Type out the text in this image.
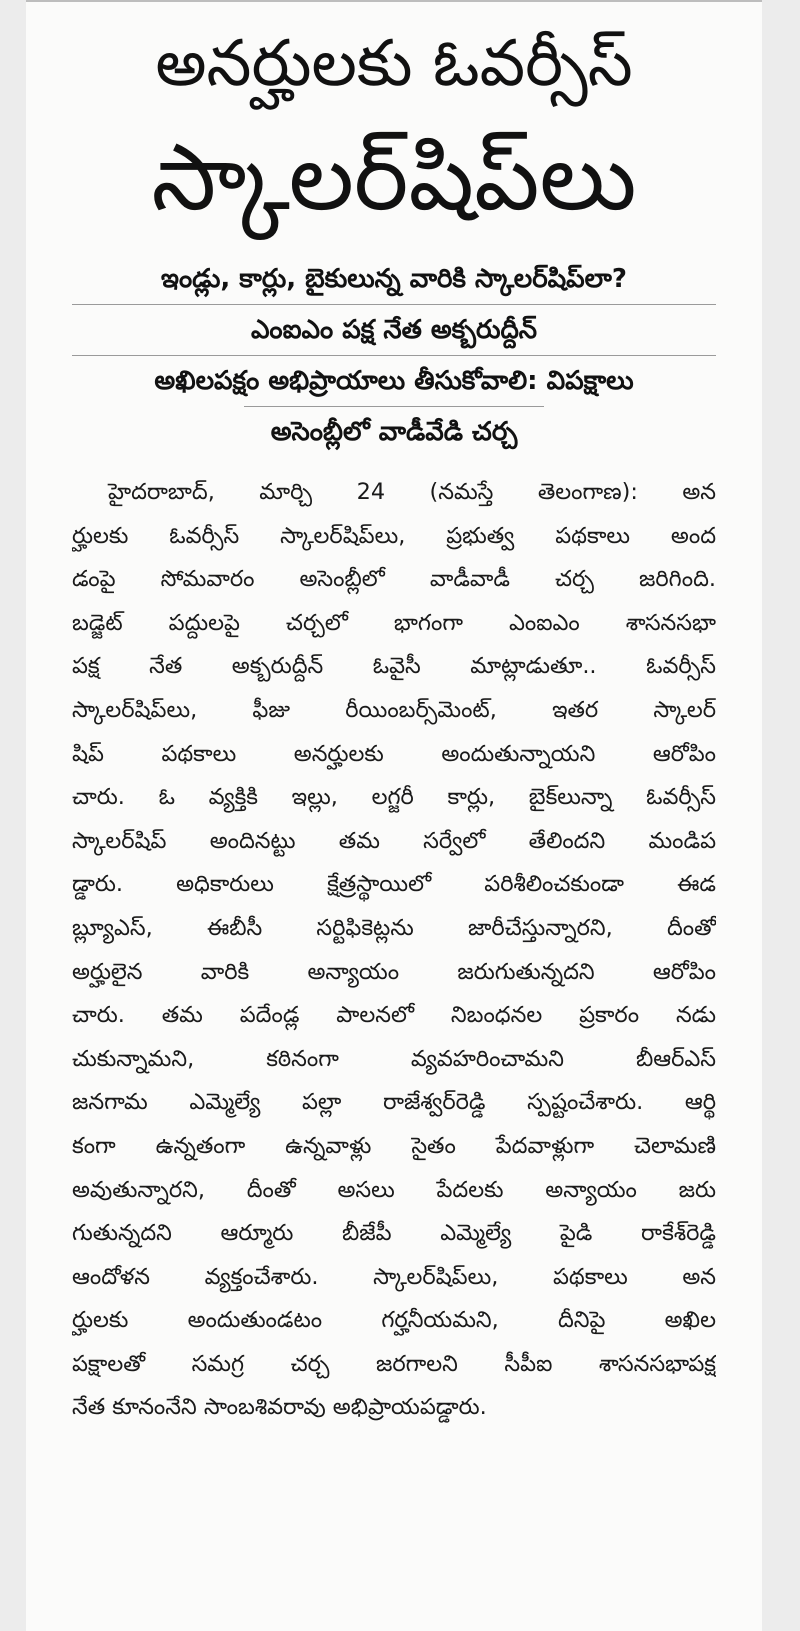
అనర్హులకు ఓవర్సీస్
స్కాలర్‌షిప్‌లు
ఇండ్లు, కార్లు, బైకులున్న వారికి స్కాలర్‌షిప్‌లా?
ఎంఐఎం పక్ష నేత అక్బరుద్దీన్
అఖిలపక్షం అభిప్రాయాలు తీసుకోవాలి: విపక్షాలు
అసెంబ్లీలో వాడీవేడి చర్చ
హైదరాబాద్‌, మార్చి 24 (నమస్తే తెలంగాణ): అన
ర్హులకు ఓవర్సీస్‌ స్కాలర్‌షిప్‌లు, ప్రభుత్వ పథకాలు అంద
డంపై సోమవారం అసెంబ్లీలో వాడీవాడీ చర్చ జరిగింది.
బడ్జెట్‌ పద్దులపై చర్చలో భాగంగా ఎంఐఎం శాసనసభా
పక్ష నేత అక్బరుద్దీన్‌ ఓవైసీ మాట్లాడుతూ.. ఓవర్సీస్‌
స్కాలర్‌షిప్‌లు, ఫీజు రీయింబర్స్‌మెంట్‌, ఇతర స్కాలర్‌
షిప్‌ పథకాలు అనర్హులకు అందుతున్నాయని ఆరోపిం
చారు. ఓ వ్యక్తికి ఇల్లు, లగ్జరీ కార్లు, బైక్‌లున్నా ఓవర్సీస్‌
స్కాలర్‌షిప్‌ అందినట్టు తమ సర్వేలో తేలిందని మండిప
డ్డారు. అధికారులు క్షేత్రస్థాయిలో పరిశీలించకుండా ఈడ
బ్ల్యూఎస్‌, ఈబీసీ సర్టిఫికెట్లను జారీచేస్తున్నారని, దీంతో
అర్హులైన వారికి అన్యాయం జరుగుతున్నదని ఆరోపిం
చారు. తమ పదేండ్ల పాలనలో నిబంధనల ప్రకారం నడు
చుకున్నామని, కఠినంగా వ్యవహరించామని బీఆర్‌ఎస్‌
జనగామ ఎమ్మెల్యే పల్లా రాజేశ్వర్‌రెడ్డి స్పష్టంచేశారు. ఆర్థి
కంగా ఉన్నతంగా ఉన్నవాళ్లు సైతం పేదవాళ్లుగా చెలామణి
అవుతున్నారని, దీంతో అసలు పేదలకు అన్యాయం జరు
గుతున్నదని ఆర్మూరు బీజేపీ ఎమ్మెల్యే పైడి రాకేశ్‌రెడ్డి
ఆందోళన వ్యక్తంచేశారు. స్కాలర్‌షిప్‌లు, పథకాలు అన
ర్హులకు అందుతుండటం గర్హనీయమని, దీనిపై అఖిల
పక్షాలతో సమగ్ర చర్చ జరగాలని సీపీఐ శాసనసభాపక్ష
నేత కూనంనేని సాంబశివరావు అభిప్రాయపడ్డారు.
